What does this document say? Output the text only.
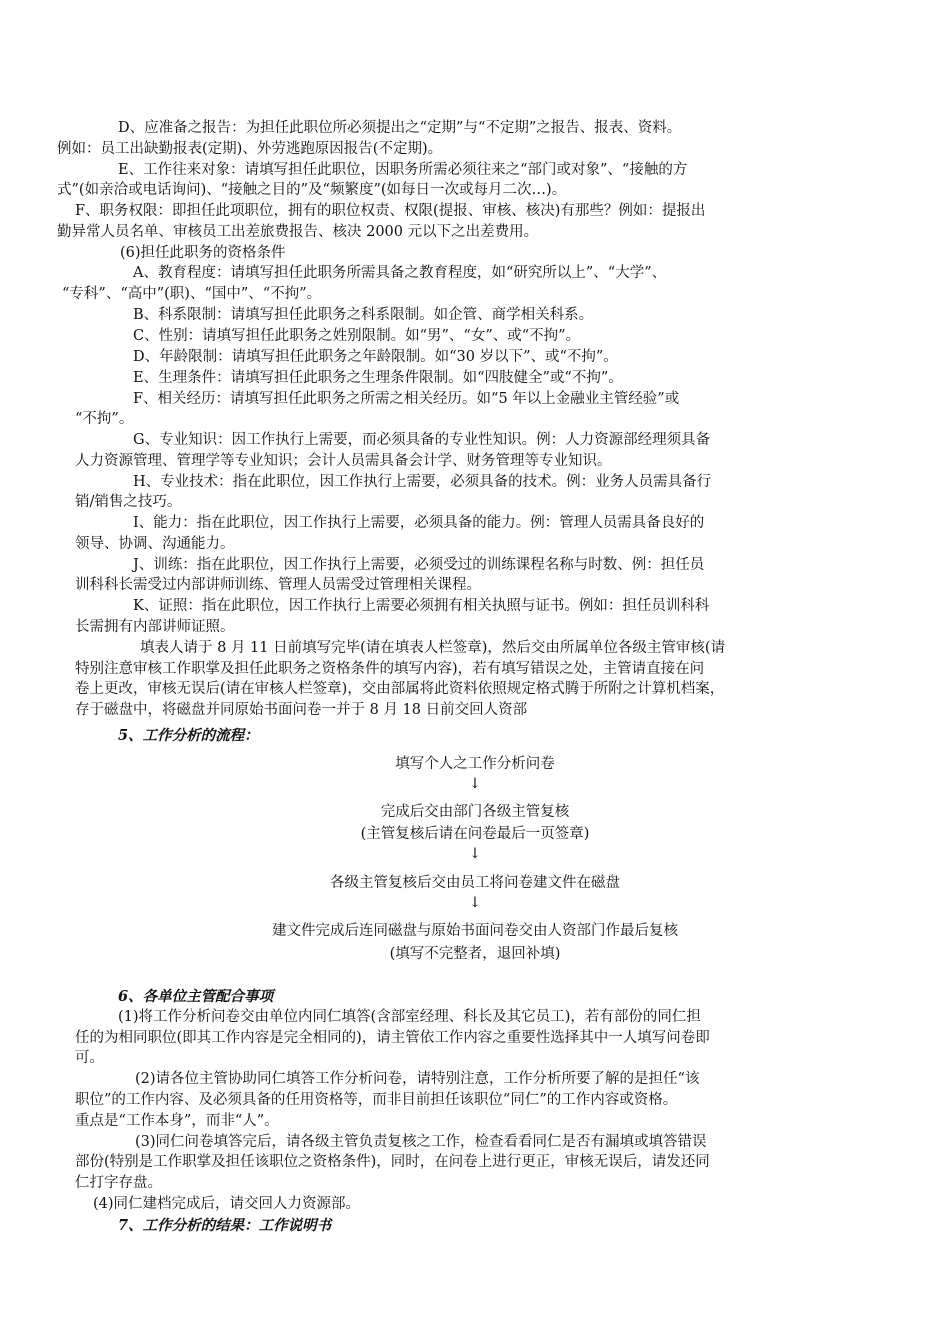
D、应准备之报告：为担任此职位所必须提出之“定期”与“不定期”之报告、报表、资料。
例如：员工出缺勤报表(定期)、外劳逃跑原因报告(不定期)。
E、工作往来对象：请填写担任此职位，因职务所需必须往来之“部门或对象”、“接触的方
式”(如亲洽或电话询问)、“接触之目的”及“频繁度”(如每日一次或每月二次…)。
F、职务权限：即担任此项职位，拥有的职位权责、权限(提报、审核、核决)有那些？例如：提报出
勤异常人员名单、审核员工出差旅费报告、核决 2000 元以下之出差费用。
(6)担任此职务的资格条件
A、教育程度：请填写担任此职务所需具备之教育程度，如“研究所以上”、“大学”、
“专科”、“高中”(职)、“国中”、“不拘”。
B、科系限制：请填写担任此职务之科系限制。如企管、商学相关科系。
C、性别：请填写担任此职务之姓别限制。如“男”、“女”、或“不拘”。
D、年龄限制：请填写担任此职务之年龄限制。如“30 岁以下”、或“不拘”。
E、生理条件：请填写担任此职务之生理条件限制。如“四肢健全”或“不拘”。
F、相关经历：请填写担任此职务之所需之相关经历。如“5 年以上金融业主管经验”或
“不拘”。
G、专业知识：因工作执行上需要，而必须具备的专业性知识。例：人力资源部经理须具备
人力资源管理、管理学等专业知识；会计人员需具备会计学、财务管理等专业知识。
H、专业技术：指在此职位，因工作执行上需要，必须具备的技术。例：业务人员需具备行
销/销售之技巧。
I、能力：指在此职位，因工作执行上需要，必须具备的能力。例：管理人员需具备良好的
领导、协调、沟通能力。
J、训练：指在此职位，因工作执行上需要，必须受过的训练课程名称与时数、例：担任员
训科科长需受过内部讲师训练、管理人员需受过管理相关课程。
K、证照：指在此职位，因工作执行上需要必须拥有相关执照与证书。例如：担任员训科科
长需拥有内部讲师证照。
填表人请于 8 月 11 日前填写完毕(请在填表人栏签章)，然后交由所属单位各级主管审核(请
特别注意审核工作职掌及担任此职务之资格条件的填写内容)，若有填写错误之处，主管请直接在问
卷上更改，审核无误后(请在审核人栏签章)，交由部属将此资料依照规定格式腾于所附之计算机档案，
存于磁盘中，将磁盘并同原始书面问卷一并于 8 月 18 日前交回人资部
5、工作分析的流程：
填写个人之工作分析问卷
↓
完成后交由部门各级主管复核
(主管复核后请在问卷最后一页签章)
↓
各级主管复核后交由员工将问卷建文件在磁盘
↓
建文件完成后连同磁盘与原始书面问卷交由人资部门作最后复核
(填写不完整者，退回补填)
6、各单位主管配合事项
(1)将工作分析问卷交由单位内同仁填答(含部室经理、科长及其它员工)，若有部份的同仁担
任的为相同职位(即其工作内容是完全相同的)，请主管依工作内容之重要性选择其中一人填写问卷即
可。
(2)请各位主管协助同仁填答工作分析问卷，请特别注意，工作分析所要了解的是担任“该
职位”的工作内容、及必须具备的任用资格等，而非目前担任该职位“同仁”的工作内容或资格。
重点是“工作本身”，而非“人”。
(3)同仁问卷填答完后，请各级主管负责复核之工作，检查看看同仁是否有漏填或填答错误
部份(特别是工作职掌及担任该职位之资格条件)，同时，在问卷上进行更正，审核无误后，请发还同
仁打字存盘。
(4)同仁建档完成后，请交回人力资源部。
7、工作分析的结果：工作说明书
